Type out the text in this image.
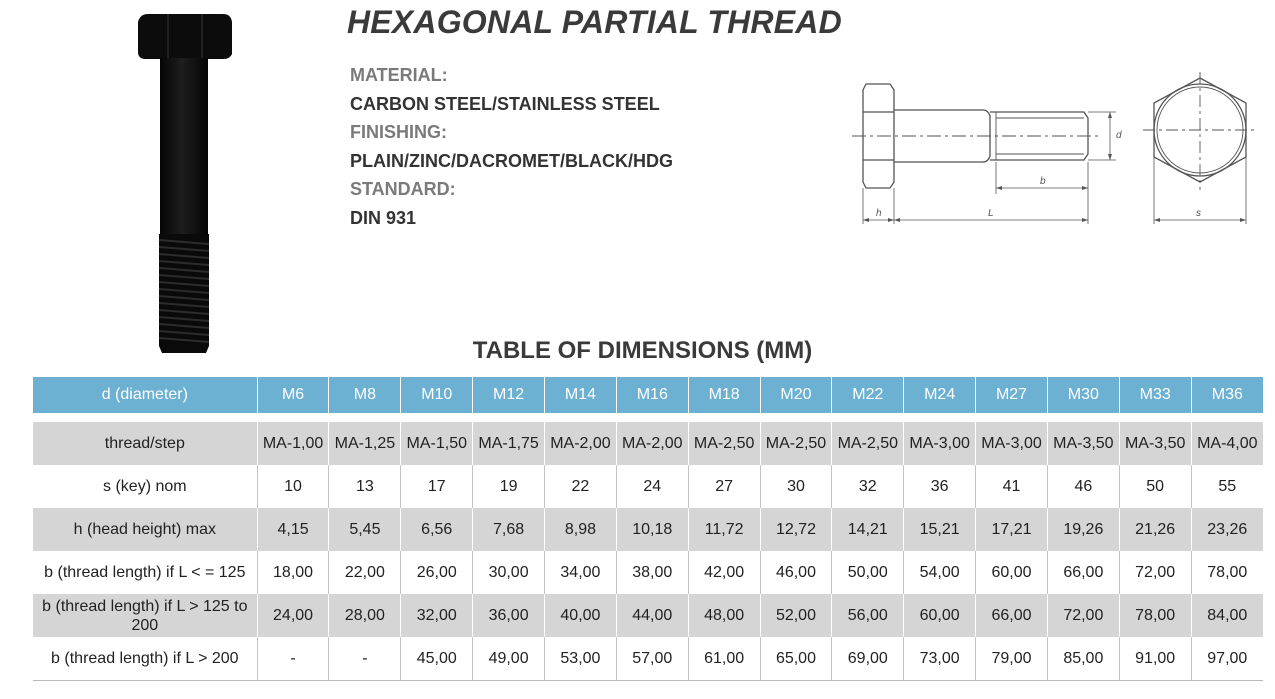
HEXAGONAL PARTIAL THREAD
MATERIAL:
CARBON STEEL/STAINLESS STEEL
FINISHING:
PLAIN/ZINC/DACROMET/BLACK/HDG
STANDARD:
DIN 931
d
b
h	L	s
TABLE OF DIMENSIONS (MM)
d (diameter)	M6	M8	M10	M12	M14	M16	M18	M20	M22	M24	M27	M30	M33	M36

thread/step	MA-1,00	MA-1,25	MA-1,50	MA-1,75	MA-2,00	MA-2,00	MA-2,50	MA-2,50	MA-2,50	MA-3,00	MA-3,00	MA-3,50	MA-3,50	MA-4,00
s (key) nom	10	13	17	19	22	24	27	30	32	36	41	46	50	55
h (head height) max	4,15	5,45	6,56	7,68	8,98	10,18	11,72	12,72	14,21	15,21	17,21	19,26	21,26	23,26
b (thread length) if L < = 125	18,00	22,00	26,00	30,00	34,00	38,00	42,00	46,00	50,00	54,00	60,00	66,00	72,00	78,00
b (thread length) if L > 125 to 200	24,00	28,00	32,00	36,00	40,00	44,00	48,00	52,00	56,00	60,00	66,00	72,00	78,00	84,00
b (thread length) if L > 200	-	-	45,00	49,00	53,00	57,00	61,00	65,00	69,00	73,00	79,00	85,00	91,00	97,00
